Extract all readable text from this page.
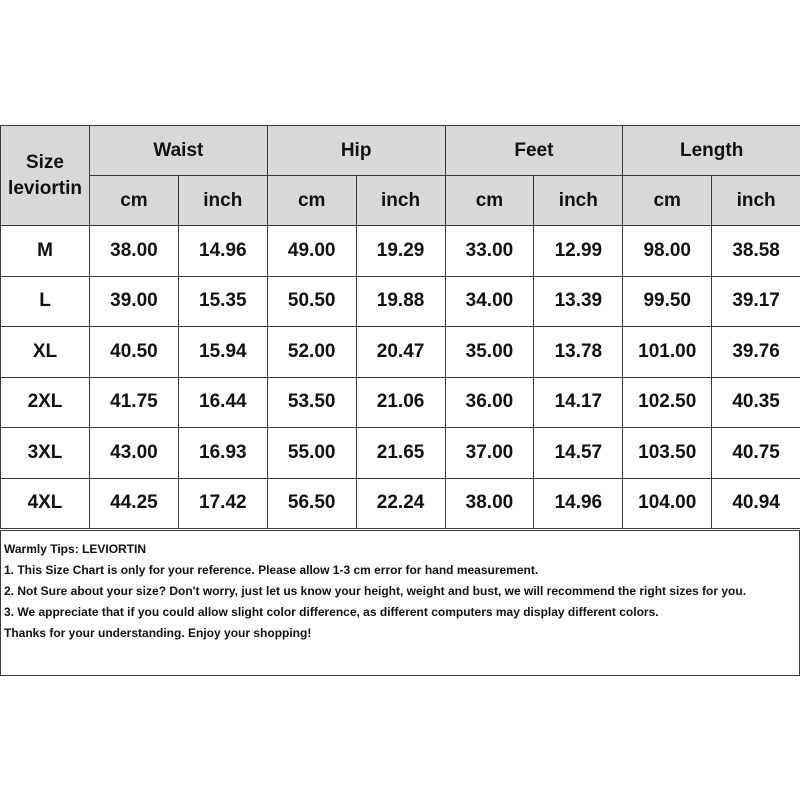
Size
leviortin	Waist		Hip		Feet		Length	
	cm	inch	cm	inch	cm	inch	cm	inch
M	38.00	14.96	49.00	19.29	33.00	12.99	98.00	38.58
L	39.00	15.35	50.50	19.88	34.00	13.39	99.50	39.17
XL	40.50	15.94	52.00	20.47	35.00	13.78	101.00	39.76
2XL	41.75	16.44	53.50	21.06	36.00	14.17	102.50	40.35
3XL	43.00	16.93	55.00	21.65	37.00	14.57	103.50	40.75
4XL	44.25	17.42	56.50	22.24	38.00	14.96	104.00	40.94

Warmly Tips: LEVIORTIN

1. This Size Chart is only for your reference. Please allow 1-3 cm error for hand measurement.

2. Not Sure about your size? Don't worry, just let us know your height, weight and bust, we will recommend the right sizes for you.

3. We appreciate that if you could allow slight color difference, as different computers may display different colors.

Thanks for your understanding. Enjoy your shopping!
